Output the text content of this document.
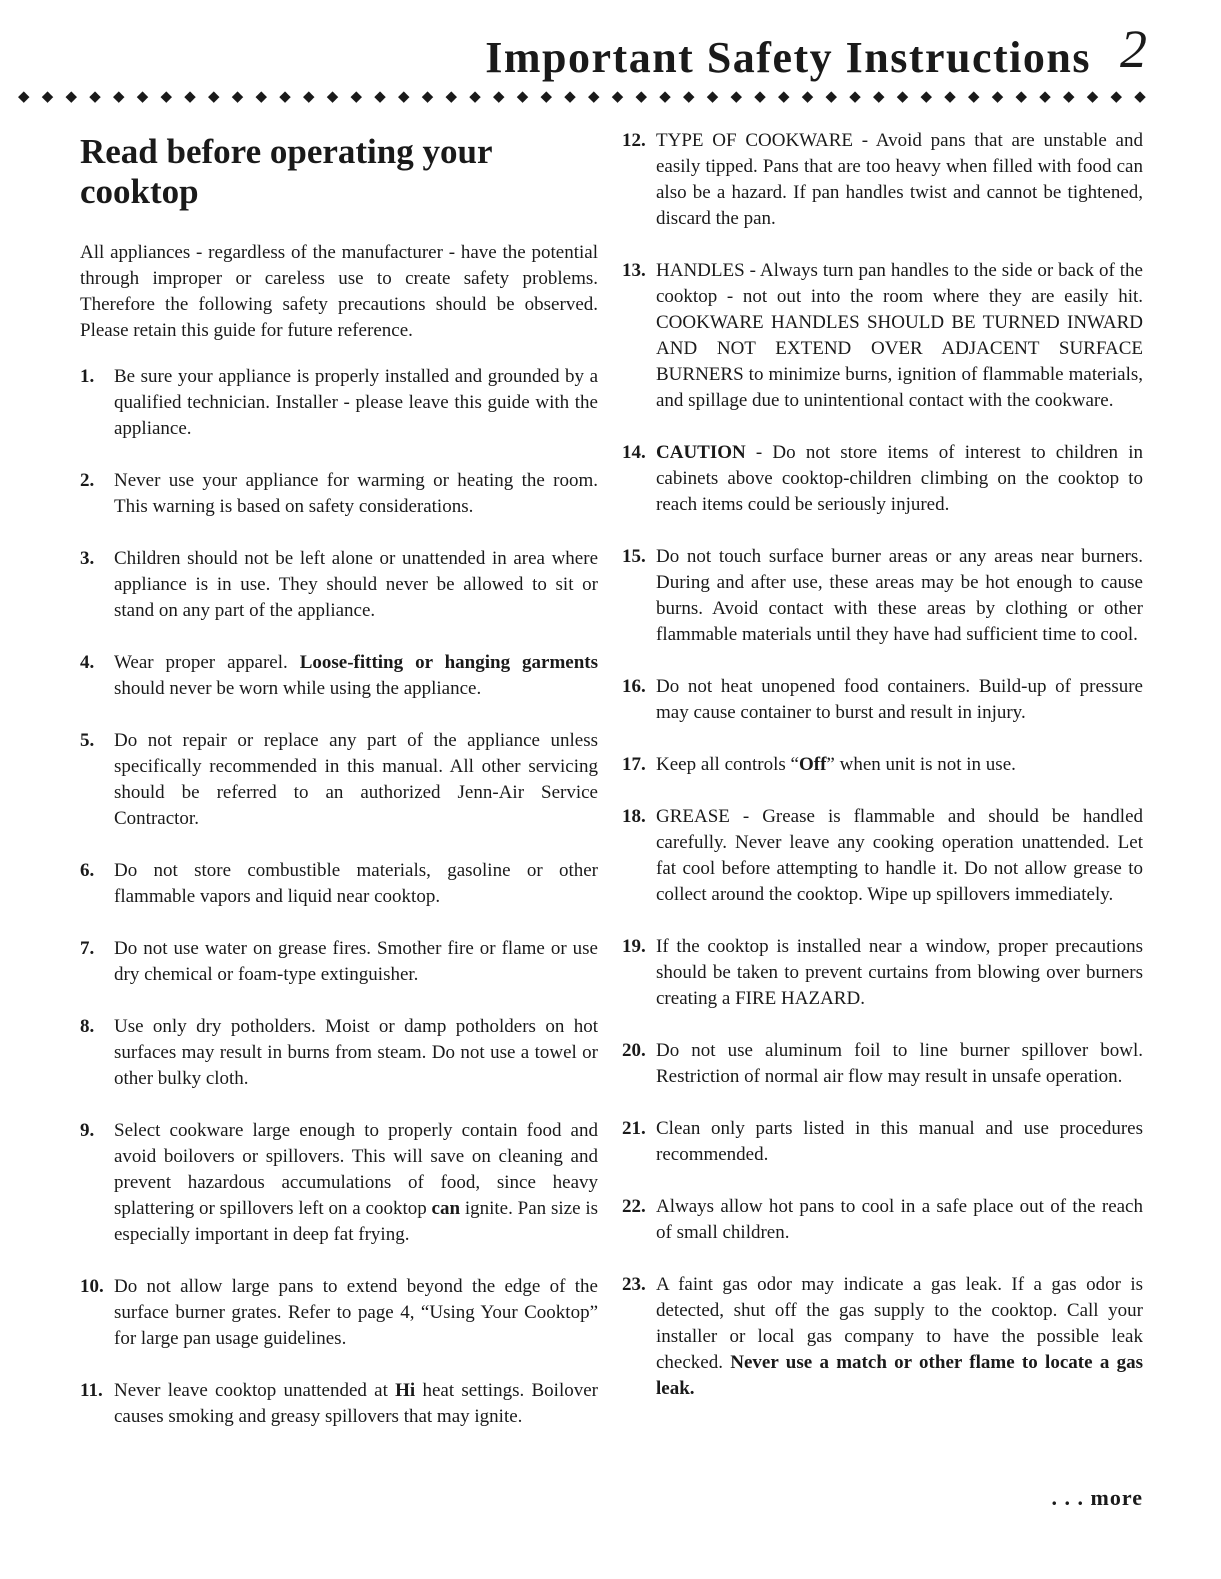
Important Safety Instructions 2
◆ ◆ ◆ ◆ ◆ ◆ ◆ ◆ ◆ ◆ ◆ ◆ ◆ ◆ ◆ ◆ ◆ ◆ ◆ ◆ ◆ ◆ ◆ ◆ ◆ ◆ ◆ ◆ ◆ ◆ ◆ ◆ ◆ ◆ ◆ ◆ ◆ ◆ ◆ ◆ ◆ ◆ ◆ ◆ ◆ ◆ ◆ ◆
Read before operating your cooktop

All appliances - regardless of the manufacturer - have the potential through improper or careless use to create safety problems. Therefore the following safety precautions should be observed. Please retain this guide for future reference.

1.	Be sure your appliance is properly installed and grounded by a qualified technician. Installer - please leave this guide with the appliance.
2.	Never use your appliance for warming or heating the room. This warning is based on safety considerations.
3.	Children should not be left alone or unattended in area where appliance is in use. They should never be allowed to sit or stand on any part of the appliance.
4.	Wear proper apparel. Loose-fitting or hanging garments should never be worn while using the appliance.
5.	Do not repair or replace any part of the appliance unless specifically recommended in this manual. All other servicing should be referred to an authorized Jenn-Air Service Contractor.
6.	Do not store combustible materials, gasoline or other flammable vapors and liquid near cooktop.
7.	Do not use water on grease fires. Smother fire or flame or use dry chemical or foam-type extinguisher.
8.	Use only dry potholders. Moist or damp potholders on hot surfaces may result in burns from steam. Do not use a towel or other bulky cloth.
9.	Select cookware large enough to properly contain food and avoid boilovers or spillovers. This will save on cleaning and prevent hazardous accumulations of food, since heavy splattering or spillovers left on a cooktop can ignite. Pan size is especially important in deep fat frying.
10. Do not allow large pans to extend beyond the edge of the surface burner grates. Refer to page 4, “Using Your Cooktop” for large pan usage guidelines.
11. Never leave cooktop unattended at Hi heat settings. Boilover causes smoking and greasy spillovers that may ignite.
12. TYPE OF COOKWARE - Avoid pans that are unstable and easily tipped. Pans that are too heavy when filled with food can also be a hazard. If pan handles twist and cannot be tightened, discard the pan.
13. HANDLES - Always turn pan handles to the side or back of the cooktop - not out into the room where they are easily hit. COOKWARE HANDLES SHOULD BE TURNED INWARD AND NOT EXTEND OVER ADJACENT SURFACE BURNERS to minimize burns, ignition of flammable materials, and spillage due to unintentional contact with the cookware.
14. CAUTION - Do not store items of interest to children in cabinets above cooktop-children climbing on the cooktop to reach items could be seriously injured.
15. Do not touch surface burner areas or any areas near burners. During and after use, these areas may be hot enough to cause burns. Avoid contact with these areas by clothing or other flammable materials until they have had sufficient time to cool.
16. Do not heat unopened food containers. Build-up of pressure may cause container to burst and result in injury.
17. Keep all controls “Off” when unit is not in use.
18. GREASE - Grease is flammable and should be handled carefully. Never leave any cooking operation unattended. Let fat cool before attempting to handle it. Do not allow grease to collect around the cooktop. Wipe up spillovers immediately.
19. If the cooktop is installed near a window, proper precautions should be taken to prevent curtains from blowing over burners creating a FIRE HAZARD.
20. Do not use aluminum foil to line burner spillover bowl. Restriction of normal air flow may result in unsafe operation.
21. Clean only parts listed in this manual and use procedures recommended.
22. Always allow hot pans to cool in a safe place out of the reach of small children.
23. A faint gas odor may indicate a gas leak. If a gas odor is detected, shut off the gas supply to the cooktop. Call your installer or local gas company to have the possible leak checked. Never use a match or other flame to locate a gas leak.
. . . more
